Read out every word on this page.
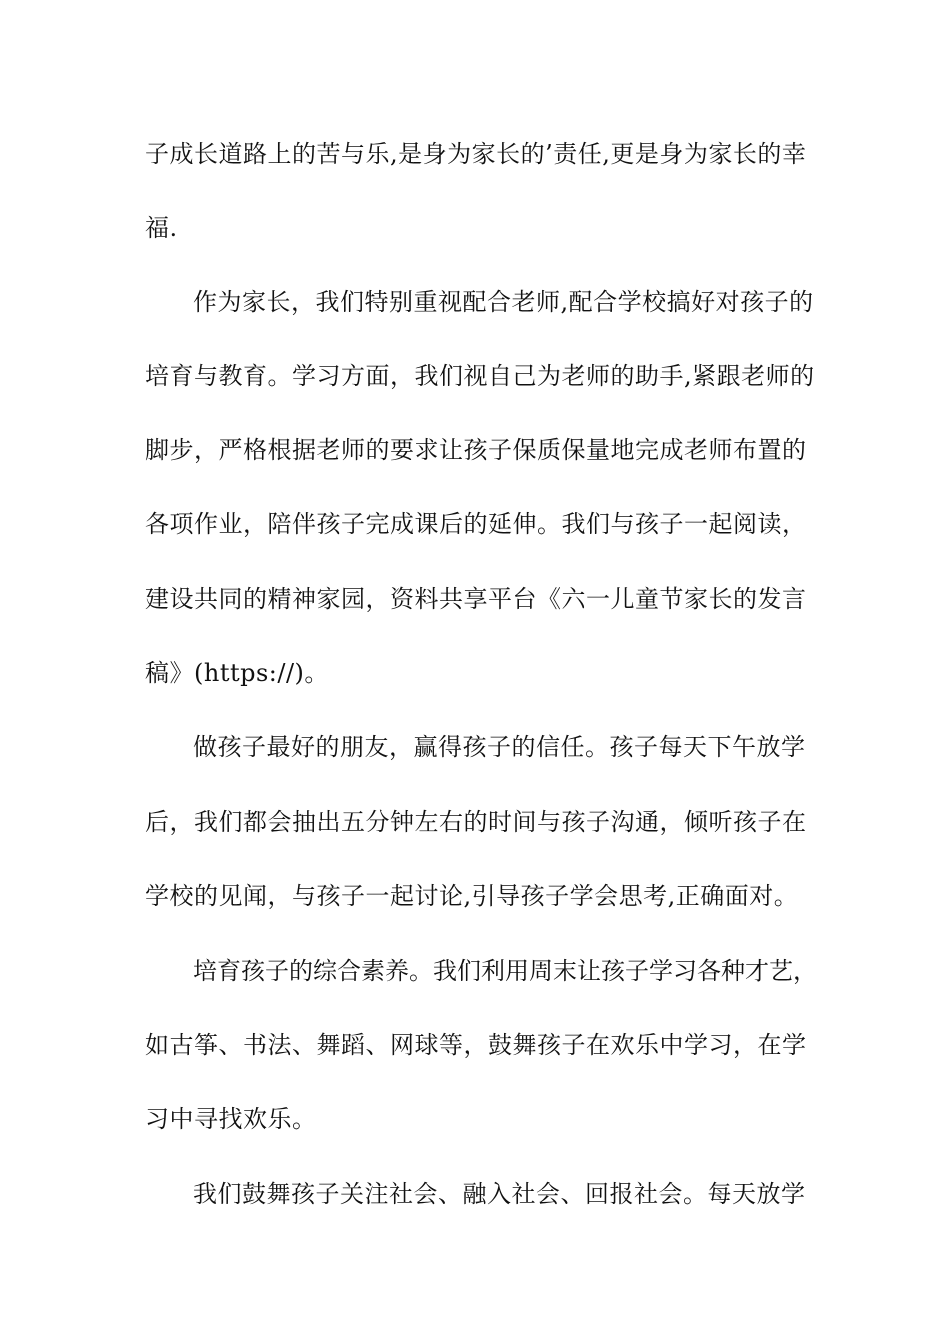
子成长道路上的苦与乐,是身为家长的’责任,更是身为家长的幸
福.
作为家长，我们特别重视配合老师,配合学校搞好对孩子的
培育与教育。学习方面，我们视自己为老师的助手,紧跟老师的
脚步，严格根据老师的要求让孩子保质保量地完成老师布置的
各项作业，陪伴孩子完成课后的延伸。我们与孩子一起阅读，
建设共同的精神家园，资料共享平台《六一儿童节家长的发言
稿》(https://)。
做孩子最好的朋友，赢得孩子的信任。孩子每天下午放学
后，我们都会抽出五分钟左右的时间与孩子沟通，倾听孩子在
学校的见闻，与孩子一起讨论,引导孩子学会思考,正确面对。
培育孩子的综合素养。我们利用周末让孩子学习各种才艺，
如古筝、书法、舞蹈、网球等，鼓舞孩子在欢乐中学习，在学
习中寻找欢乐。
我们鼓舞孩子关注社会、融入社会、回报社会。每天放学
